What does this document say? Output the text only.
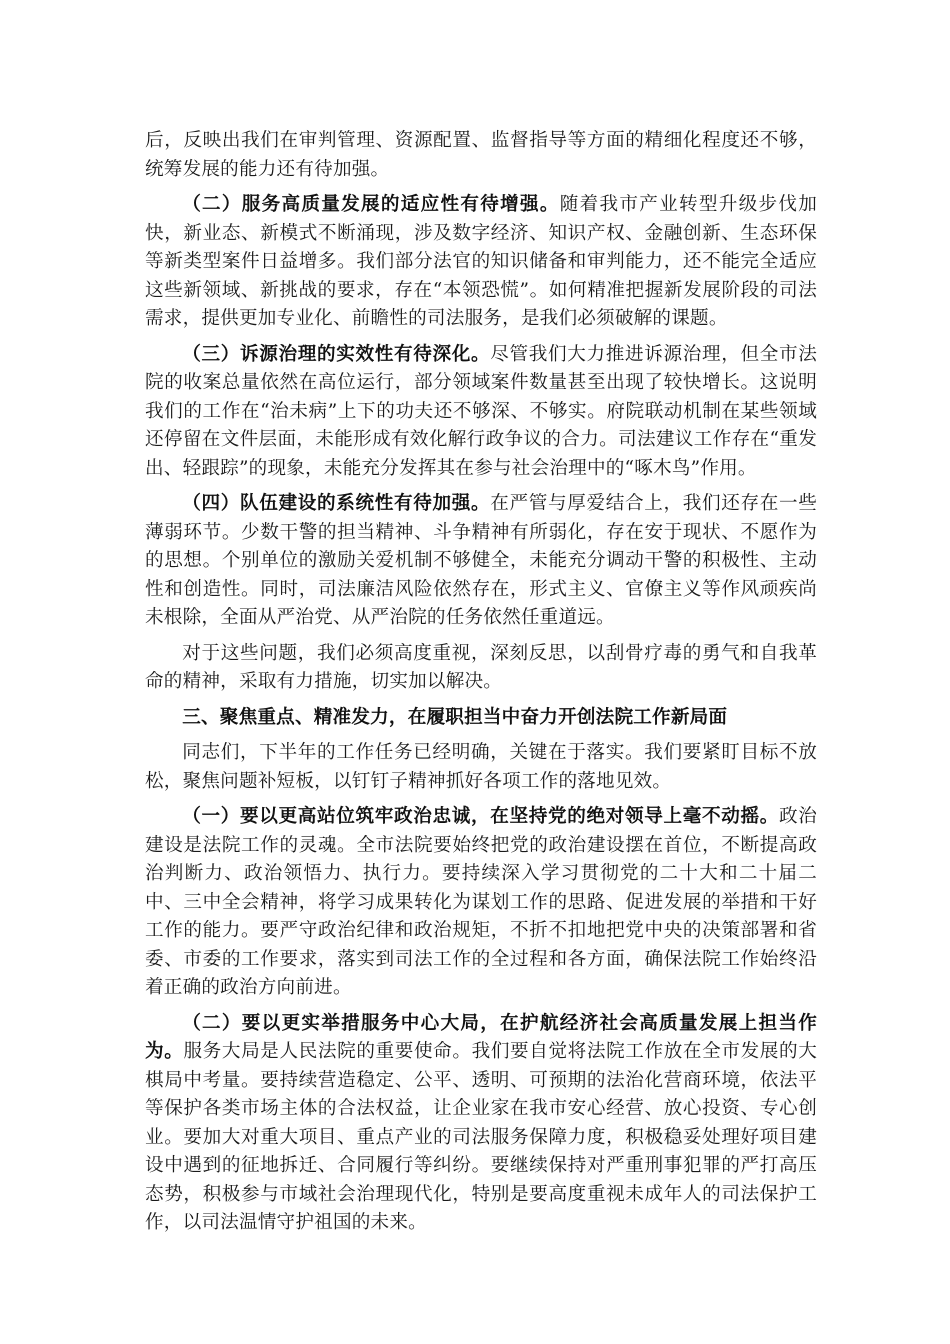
后，反映出我们在审判管理、资源配置、监督指导等方面的精细化程度还不够，统筹发展的能力还有待加强。

（二）服务高质量发展的适应性有待增强。随着我市产业转型升级步伐加快，新业态、新模式不断涌现，涉及数字经济、知识产权、金融创新、生态环保等新类型案件日益增多。我们部分法官的知识储备和审判能力，还不能完全适应这些新领域、新挑战的要求，存在“本领恐慌”。如何精准把握新发展阶段的司法需求，提供更加专业化、前瞻性的司法服务，是我们必须破解的课题。

（三）诉源治理的实效性有待深化。尽管我们大力推进诉源治理，但全市法院的收案总量依然在高位运行，部分领域案件数量甚至出现了较快增长。这说明我们的工作在“治未病”上下的功夫还不够深、不够实。府院联动机制在某些领域还停留在文件层面，未能形成有效化解行政争议的合力。司法建议工作存在“重发出、轻跟踪”的现象，未能充分发挥其在参与社会治理中的“啄木鸟”作用。

（四）队伍建设的系统性有待加强。在严管与厚爱结合上，我们还存在一些薄弱环节。少数干警的担当精神、斗争精神有所弱化，存在安于现状、不愿作为的思想。个别单位的激励关爱机制不够健全，未能充分调动干警的积极性、主动性和创造性。同时，司法廉洁风险依然存在，形式主义、官僚主义等作风顽疾尚未根除，全面从严治党、从严治院的任务依然任重道远。

对于这些问题，我们必须高度重视，深刻反思，以刮骨疗毒的勇气和自我革命的精神，采取有力措施，切实加以解决。

三、聚焦重点、精准发力，在履职担当中奋力开创法院工作新局面

同志们，下半年的工作任务已经明确，关键在于落实。我们要紧盯目标不放松，聚焦问题补短板，以钉钉子精神抓好各项工作的落地见效。

（一）要以更高站位筑牢政治忠诚，在坚持党的绝对领导上毫不动摇。政治建设是法院工作的灵魂。全市法院要始终把党的政治建设摆在首位，不断提高政治判断力、政治领悟力、执行力。要持续深入学习贯彻党的二十大和二十届二中、三中全会精神，将学习成果转化为谋划工作的思路、促进发展的举措和干好工作的能力。要严守政治纪律和政治规矩，不折不扣地把党中央的决策部署和省委、市委的工作要求，落实到司法工作的全过程和各方面，确保法院工作始终沿着正确的政治方向前进。

（二）要以更实举措服务中心大局，在护航经济社会高质量发展上担当作为。服务大局是人民法院的重要使命。我们要自觉将法院工作放在全市发展的大棋局中考量。要持续营造稳定、公平、透明、可预期的法治化营商环境，依法平等保护各类市场主体的合法权益，让企业家在我市安心经营、放心投资、专心创业。要加大对重大项目、重点产业的司法服务保障力度，积极稳妥处理好项目建设中遇到的征地拆迁、合同履行等纠纷。要继续保持对严重刑事犯罪的严打高压态势，积极参与市域社会治理现代化，特别是要高度重视未成年人的司法保护工作，以司法温情守护祖国的未来。
